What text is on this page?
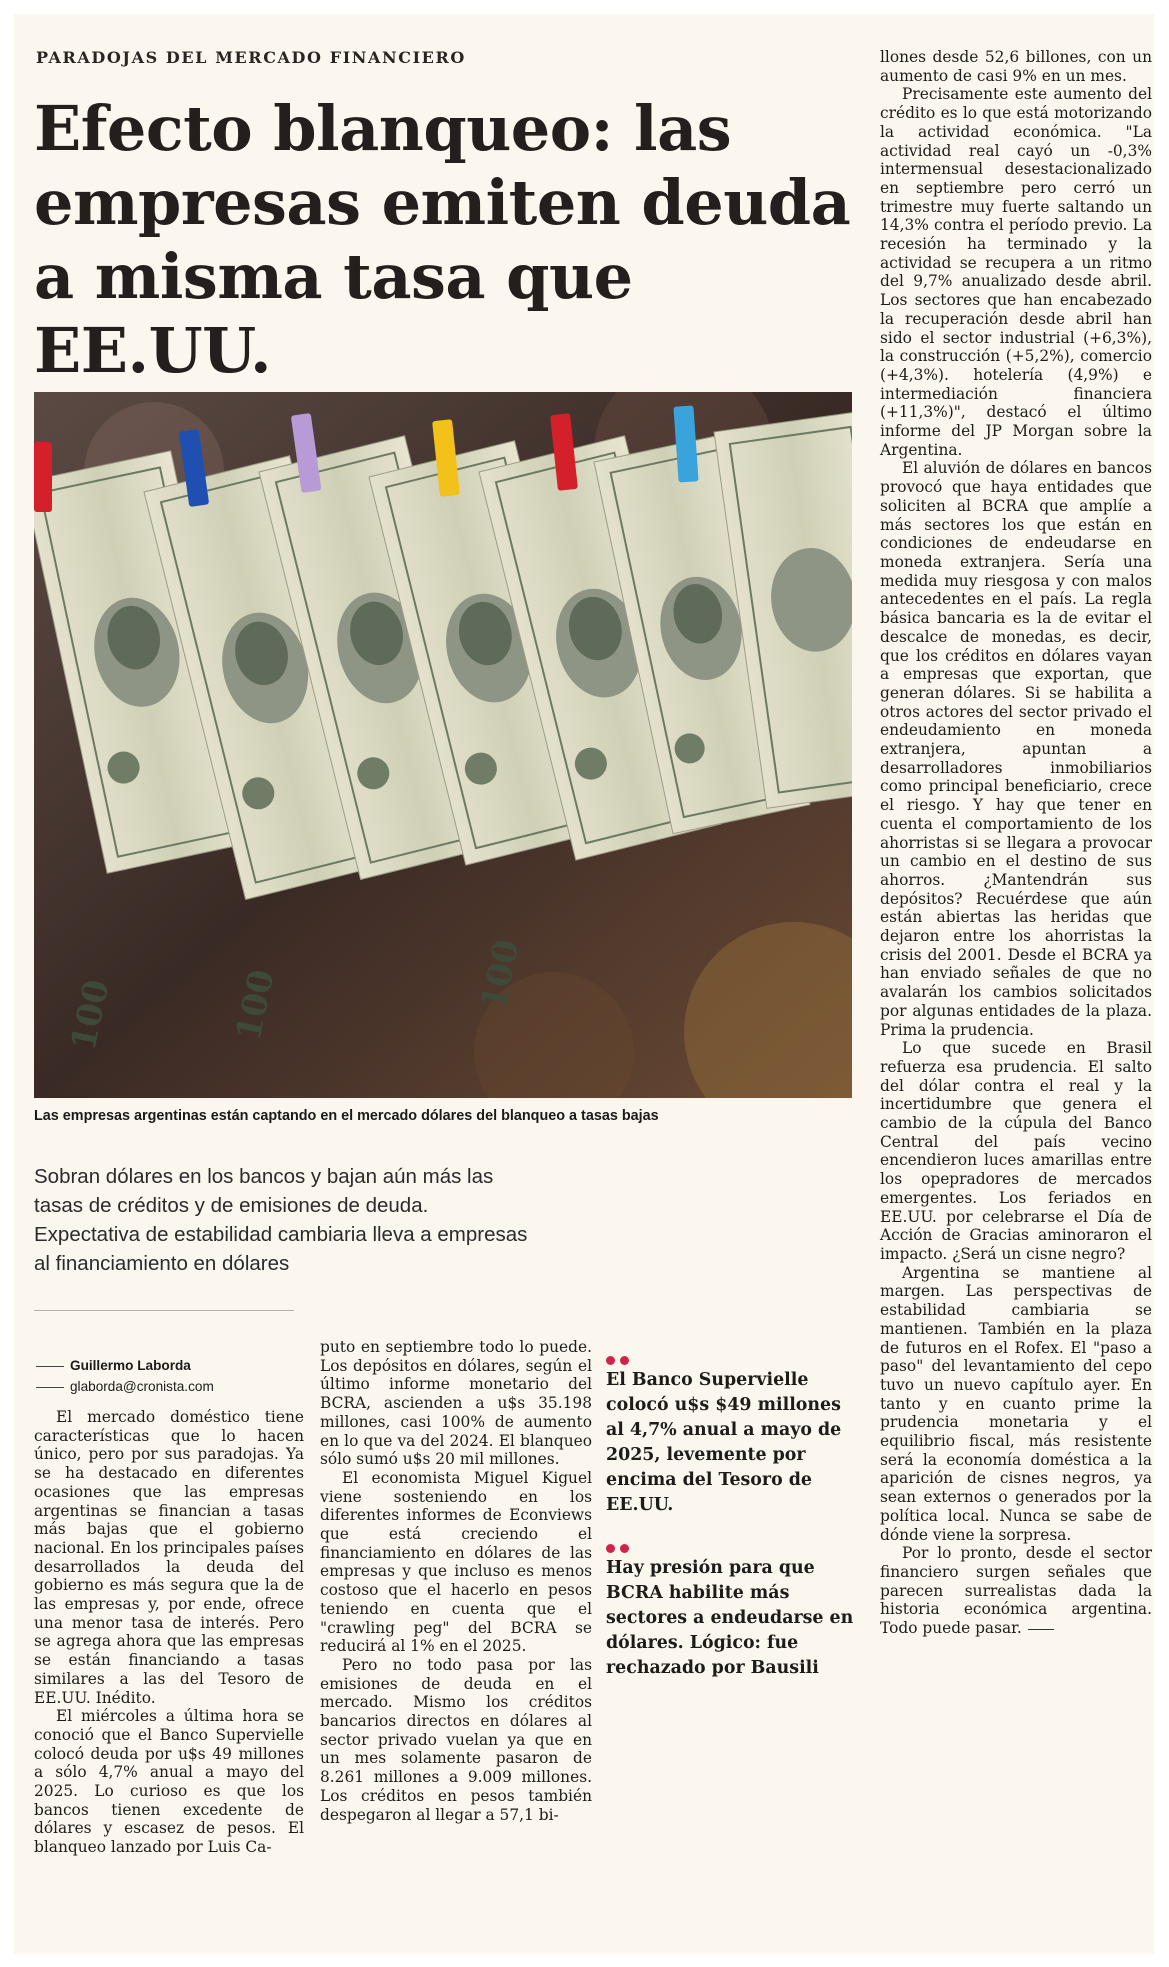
PARADOJAS DEL MERCADO FINANCIERO
Efecto blanqueo: las empresas emiten deuda a misma tasa que EE.UU.
100	100	100
Las empresas argentinas están captando en el mercado dólares del blanqueo a tasas bajas
Sobran dólares en los bancos y bajan aún más las tasas de créditos y de emisiones de deuda. Expectativa de estabilidad cambiaria lleva a empresas al financiamiento en dólares
Guillermo Laborda
glaborda@cronista.com

El mercado doméstico tiene características que lo hacen único, pero por sus paradojas. Ya se ha destacado en diferentes ocasiones que las empresas argentinas se financian a tasas más bajas que el gobierno nacional. En los principales países desarrollados la deuda del gobierno es más segura que la de las empresas y, por ende, ofrece una menor tasa de interés. Pero se agrega ahora que las empresas se están financiando a tasas similares a las del Tesoro de EE.UU. Inédito.

El miércoles a última hora se conoció que el Banco Supervielle colocó deuda por u$s 49 millones a sólo 4,7% anual a mayo del 2025. Lo curioso es que los bancos tienen excedente de dólares y escasez de pesos. El blanqueo lanzado por Luis Ca-

puto en septiembre todo lo puede. Los depósitos en dólares, según el último informe monetario del BCRA, ascienden a u$s 35.198 millones, casi 100% de aumento en lo que va del 2024. El blanqueo sólo sumó u$s 20 mil millones.

El economista Miguel Kiguel viene sosteniendo en los diferentes informes de Econviews que está creciendo el financiamiento en dólares de las empresas y que incluso es menos costoso que el hacerlo en pesos teniendo en cuenta que el "crawling peg" del BCRA se reducirá al 1% en el 2025.

Pero no todo pasa por las emisiones de deuda en el mercado. Mismo los créditos bancarios directos en dólares al sector privado vuelan ya que en un mes solamente pasaron de 8.261 millones a 9.009 millones. Los créditos en pesos también despegaron al llegar a 57,1 bi-

El Banco Supervielle colocó u$s $49 millones al 4,7% anual a mayo de 2025, levemente por encima del Tesoro de EE.UU.
Hay presión para que BCRA habilite más sectores a endeudarse en dólares. Lógico: fue rechazado por Bausili

llones desde 52,6 billones, con un aumento de casi 9% en un mes.

Precisamente este aumento del crédito es lo que está motorizando la actividad económica. "La actividad real cayó un -0,3% intermensual desestacionalizado en septiembre pero cerró un trimestre muy fuerte saltando un 14,3% contra el período previo. La recesión ha terminado y la actividad se recupera a un ritmo del 9,7% anualizado desde abril. Los sectores que han encabezado la recuperación desde abril han sido el sector industrial (+6,3%), la construcción (+5,2%), comercio (+4,3%). hotelería (4,9%) e intermediación financiera (+11,3%)", destacó el último informe del JP Morgan sobre la Argentina.

El aluvión de dólares en bancos provocó que haya entidades que soliciten al BCRA que amplíe a más sectores los que están en condiciones de endeudarse en moneda extranjera. Sería una medida muy riesgosa y con malos antecedentes en el país. La regla básica bancaria es la de evitar el descalce de monedas, es decir, que los créditos en dólares vayan a empresas que exportan, que generan dólares. Si se habilita a otros actores del sector privado el endeudamiento en moneda extranjera, apuntan a desarrolladores inmobiliarios como principal beneficiario, crece el riesgo. Y hay que tener en cuenta el comportamiento de los ahorristas si se llegara a provocar un cambio en el destino de sus ahorros. ¿Mantendrán sus depósitos? Recuérdese que aún están abiertas las heridas que dejaron entre los ahorristas la crisis del 2001. Desde el BCRA ya han enviado señales de que no avalarán los cambios solicitados por algunas entidades de la plaza. Prima la prudencia.

Lo que sucede en Brasil refuerza esa prudencia. El salto del dólar contra el real y la incertidumbre que genera el cambio de la cúpula del Banco Central del país vecino encendieron luces amarillas entre los opepradores de mercados emergentes. Los feriados en EE.UU. por celebrarse el Día de Acción de Gracias aminoraron el impacto. ¿Será un cisne negro?

Argentina se mantiene al margen. Las perspectivas de estabilidad cambiaria se mantienen. También en la plaza de futuros en el Rofex. El "paso a paso" del levantamiento del cepo tuvo un nuevo capítulo ayer. En tanto y en cuanto prime la prudencia monetaria y el equilibrio fiscal, más resistente será la economía doméstica a la aparición de cisnes negros, ya sean externos o generados por la política local. Nunca se sabe de dónde viene la sorpresa.

Por lo pronto, desde el sector financiero surgen señales que parecen surrealistas dada la historia económica argentina. Todo puede pasar.
